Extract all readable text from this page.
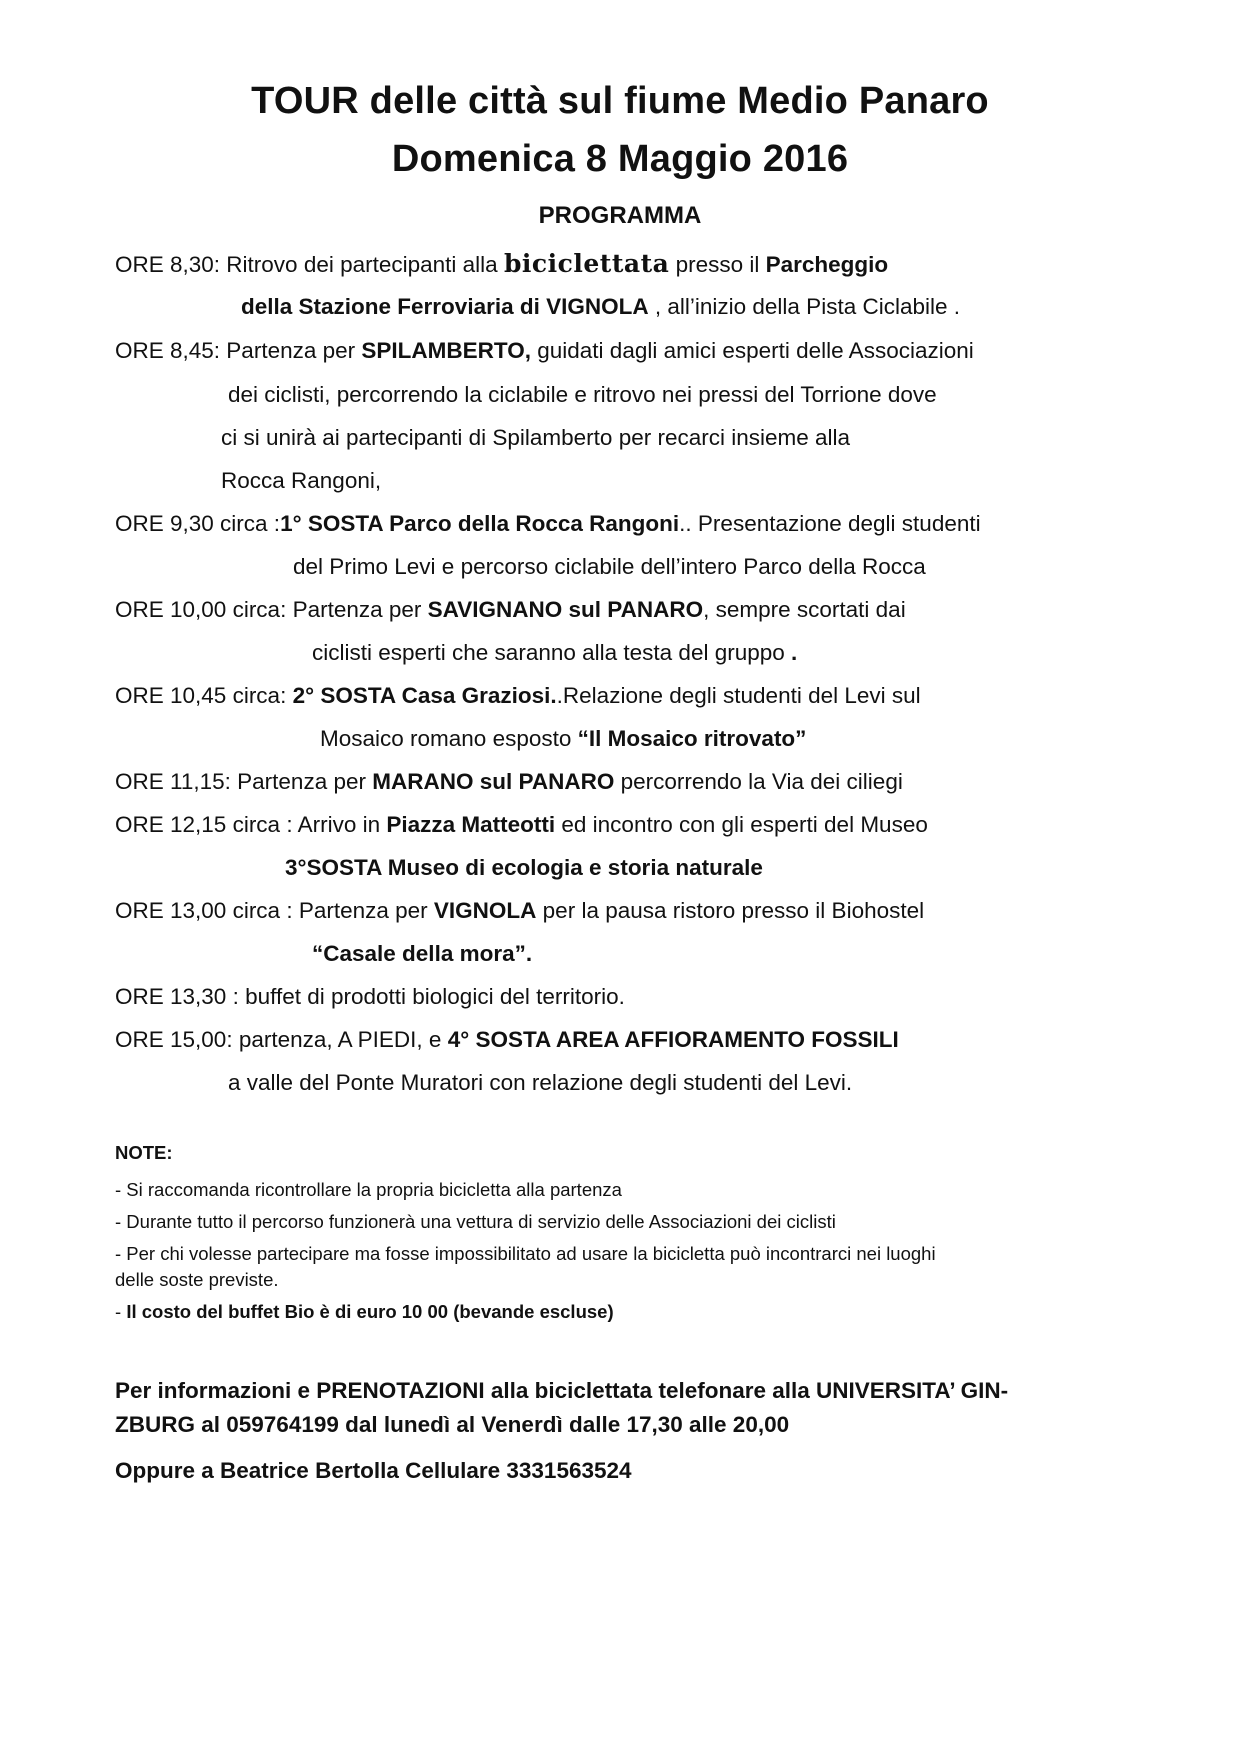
TOUR delle città sul fiume Medio Panaro
Domenica 8 Maggio 2016
PROGRAMMA
ORE 8,30: Ritrovo dei partecipanti alla biciclettata presso il Parcheggio
della Stazione Ferroviaria di VIGNOLA , all’inizio della Pista Ciclabile .
ORE 8,45: Partenza per SPILAMBERTO, guidati dagli amici esperti delle Associazioni
dei ciclisti, percorrendo la ciclabile e ritrovo nei pressi del Torrione dove
ci si unirà ai partecipanti di Spilamberto per recarci insieme alla
Rocca Rangoni,
ORE 9,30 circa :1° SOSTA Parco della Rocca Rangoni.. Presentazione degli studenti
del Primo Levi e percorso ciclabile dell’intero Parco della Rocca
ORE 10,00 circa: Partenza per SAVIGNANO sul PANARO, sempre scortati dai
ciclisti esperti che saranno alla testa del gruppo .
ORE 10,45 circa: 2° SOSTA Casa Graziosi..Relazione degli studenti del Levi sul
Mosaico romano esposto “Il Mosaico ritrovato”
ORE 11,15: Partenza per MARANO sul PANARO percorrendo la Via dei ciliegi
ORE 12,15 circa : Arrivo in Piazza Matteotti ed incontro con gli esperti del Museo
3°SOSTA Museo di ecologia e storia naturale
ORE 13,00 circa : Partenza per VIGNOLA per la pausa ristoro presso il Biohostel
“Casale della mora”.
ORE 13,30 : buffet di prodotti biologici del territorio.
ORE 15,00: partenza, A PIEDI, e 4° SOSTA AREA AFFIORAMENTO FOSSILI
a valle del Ponte Muratori con relazione degli studenti del Levi.
NOTE:
- Si raccomanda ricontrollare la propria bicicletta alla partenza
- Durante tutto il percorso funzionerà una vettura di servizio delle Associazioni dei ciclisti
- Per chi volesse partecipare ma fosse impossibilitato ad usare la bicicletta può incontrarci nei luoghi
delle soste previste.
- Il costo del buffet Bio è di euro 10 00 (bevande escluse)
Per informazioni e PRENOTAZIONI alla biciclettata telefonare alla UNIVERSITA’ GIN-
ZBURG al 059764199 dal lunedì al Venerdì dalle 17,30 alle 20,00
Oppure a Beatrice Bertolla Cellulare 3331563524
